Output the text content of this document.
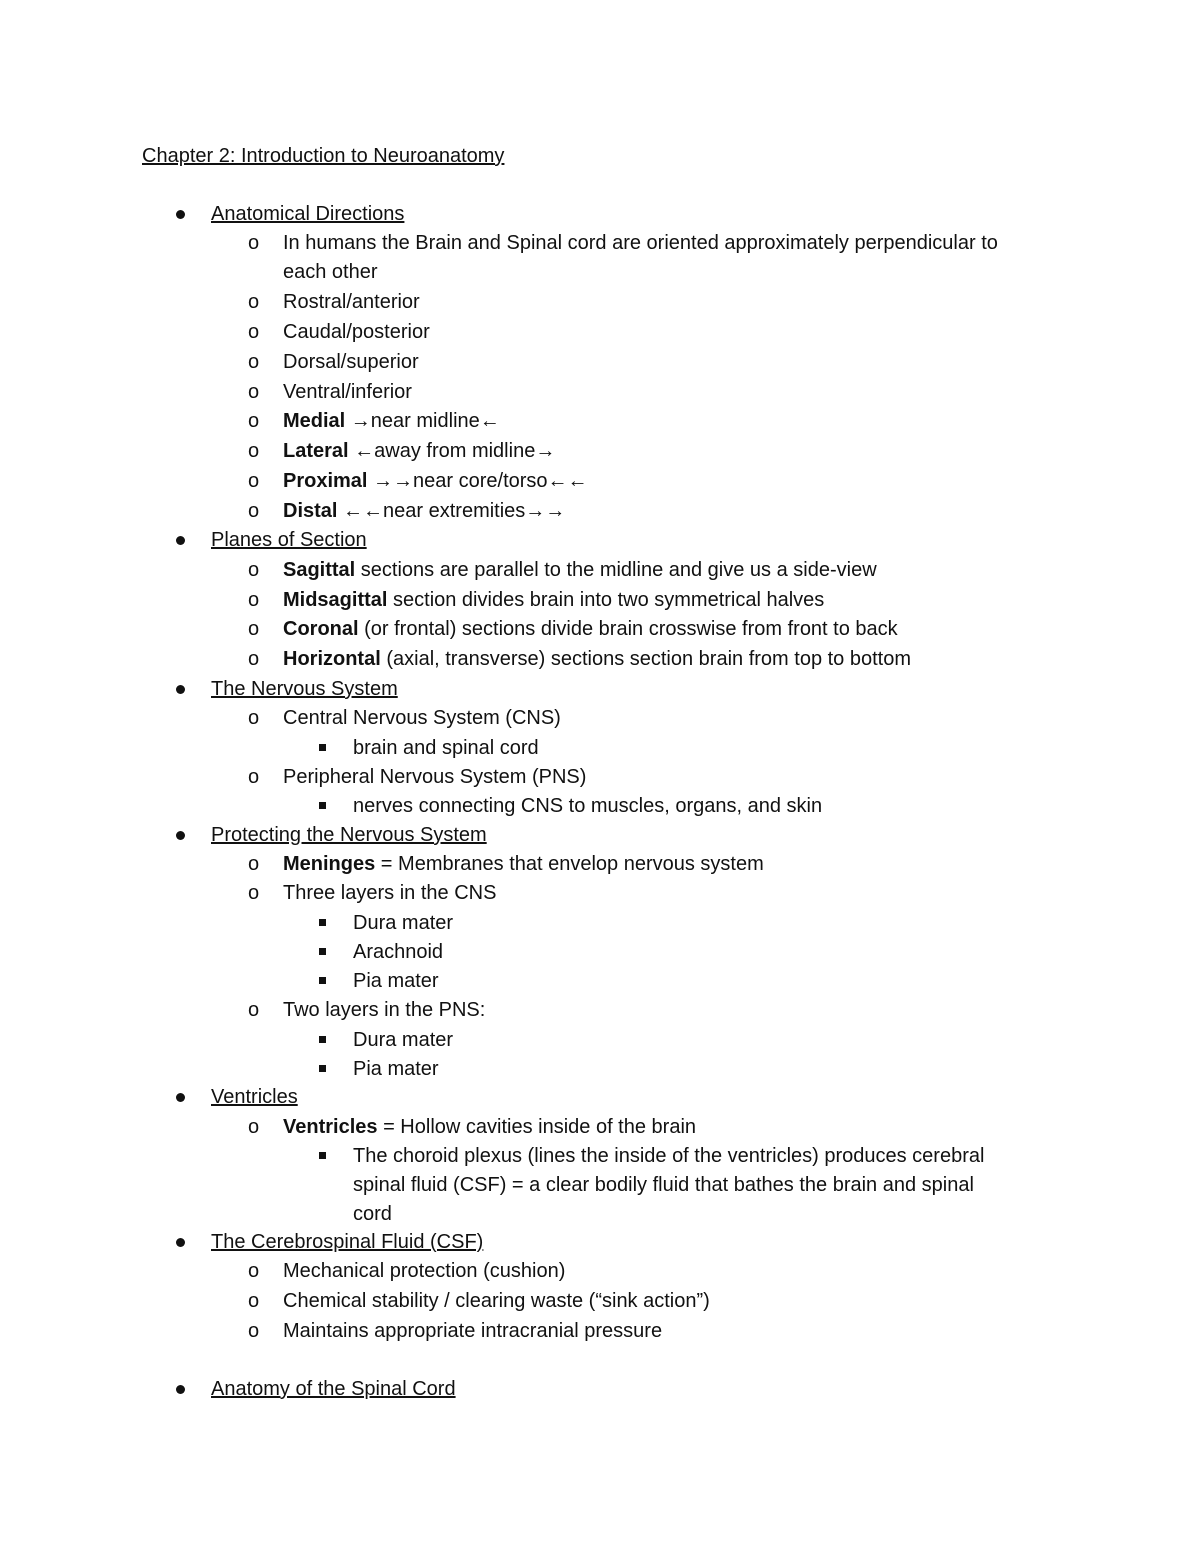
Chapter 2: Introduction to Neuroanatomy
Anatomical Directions
o In humans the Brain and Spinal cord are oriented approximately perpendicular to
each other
o Rostral/anterior
o Caudal/posterior
o Dorsal/superior
o Ventral/inferior
o Medial →near midline←
o Lateral ←away from midline→
o Proximal →→near core/torso←←
o Distal ←←near extremities→→
Planes of Section
o Sagittal sections are parallel to the midline and give us a side-view
o Midsagittal section divides brain into two symmetrical halves
o Coronal (or frontal) sections divide brain crosswise from front to back
o Horizontal (axial, transverse) sections section brain from top to bottom
The Nervous System
o Central Nervous System (CNS)
brain and spinal cord
o Peripheral Nervous System (PNS)
nerves connecting CNS to muscles, organs, and skin
Protecting the Nervous System
o Meninges = Membranes that envelop nervous system
o Three layers in the CNS
Dura mater
Arachnoid
Pia mater
o Two layers in the PNS:
Dura mater
Pia mater
Ventricles
o Ventricles = Hollow cavities inside of the brain
The choroid plexus (lines the inside of the ventricles) produces cerebral
spinal fluid (CSF) = a clear bodily fluid that bathes the brain and spinal
cord
The Cerebrospinal Fluid (CSF)
o Mechanical protection (cushion)
o Chemical stability / clearing waste (“sink action”)
o Maintains appropriate intracranial pressure
Anatomy of the Spinal Cord
